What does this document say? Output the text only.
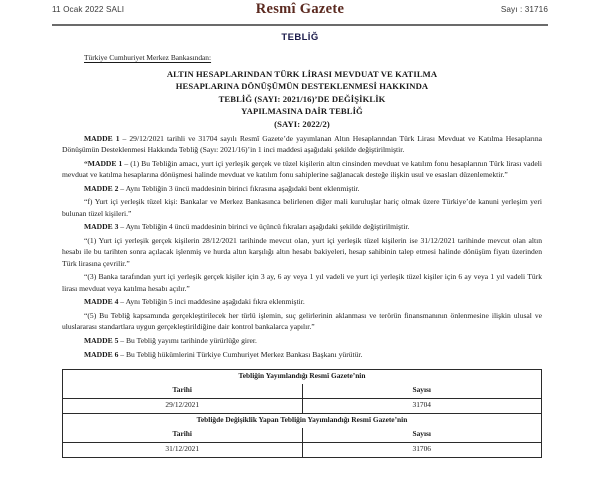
11 Ocak 2022 SALI	Resmî Gazete	Sayı : 31716
TEBLİĞ
Türkiye Cumhuriyet Merkez Bankasından:
ALTIN HESAPLARINDAN TÜRK LİRASI MEVDUAT VE KATILMA
HESAPLARINA DÖNÜŞÜMÜN DESTEKLENMESİ HAKKINDA
TEBLİĞ (SAYI: 2021/16)’DE DEĞİŞİKLİK
YAPILMASINA DAİR TEBLİĞ
(SAYI: 2022/2)
MADDE 1 – 29/12/2021 tarihli ve 31704 sayılı Resmî Gazete’de yayımlanan Altın Hesaplarından Türk Lirası Mevduat ve Katılma Hesaplarına Dönüşümün Desteklenmesi Hakkında Tebliğ (Sayı: 2021/16)’in 1 inci maddesi aşağıdaki şekilde değiştirilmiştir.
“MADDE 1 – (1) Bu Tebliğin amacı, yurt içi yerleşik gerçek ve tüzel kişilerin altın cinsinden mevduat ve katılım fonu hesaplarının Türk lirası vadeli mevduat ve katılma hesaplarına dönüşmesi halinde mevduat ve katılım fonu sahiplerine sağlanacak desteğe ilişkin usul ve esasları düzenlemektir.”
MADDE 2 – Aynı Tebliğin 3 üncü maddesinin birinci fıkrasına aşağıdaki bent eklenmiştir.
“f) Yurt içi yerleşik tüzel kişi: Bankalar ve Merkez Bankasınca belirlenen diğer mali kuruluşlar hariç olmak üzere Türkiye’de kanuni yerleşim yeri bulunan tüzel kişileri.”
MADDE 3 – Aynı Tebliğin 4 üncü maddesinin birinci ve üçüncü fıkraları aşağıdaki şekilde değiştirilmiştir.
“(1) Yurt içi yerleşik gerçek kişilerin 28/12/2021 tarihinde mevcut olan, yurt içi yerleşik tüzel kişilerin ise 31/12/2021 tarihinde mevcut olan altın hesabı ile bu tarihten sonra açılacak işlenmiş ve hurda altın karşılığı altın hesabı bakiyeleri, hesap sahibinin talep etmesi halinde dönüşüm fiyatı üzerinden Türk lirasına çevrilir.”
“(3) Banka tarafından yurt içi yerleşik gerçek kişiler için 3 ay, 6 ay veya 1 yıl vadeli ve yurt içi yerleşik tüzel kişiler için 6 ay veya 1 yıl vadeli Türk lirası mevduat veya katılma hesabı açılır.”
MADDE 4 – Aynı Tebliğin 5 inci maddesine aşağıdaki fıkra eklenmiştir.
“(5) Bu Tebliğ kapsamında gerçekleştirilecek her türlü işlemin, suç gelirlerinin aklanması ve terörün finansmanının önlenmesine ilişkin ulusal ve uluslararası standartlara uygun gerçekleştirildiğine dair kontrol bankalarca yapılır.”
MADDE 5 – Bu Tebliğ yayımı tarihinde yürürlüğe girer.
MADDE 6 – Bu Tebliğ hükümlerini Türkiye Cumhuriyet Merkez Bankası Başkanı yürütür.
Tebliğin Yayımlandığı Resmî Gazete’nin	
Tarihi	Sayısı
29/12/2021	31704
Tebliğde Değişiklik Yapan Tebliğin Yayımlandığı Resmî Gazete’nin	
Tarihi	Sayısı
31/12/2021	31706
